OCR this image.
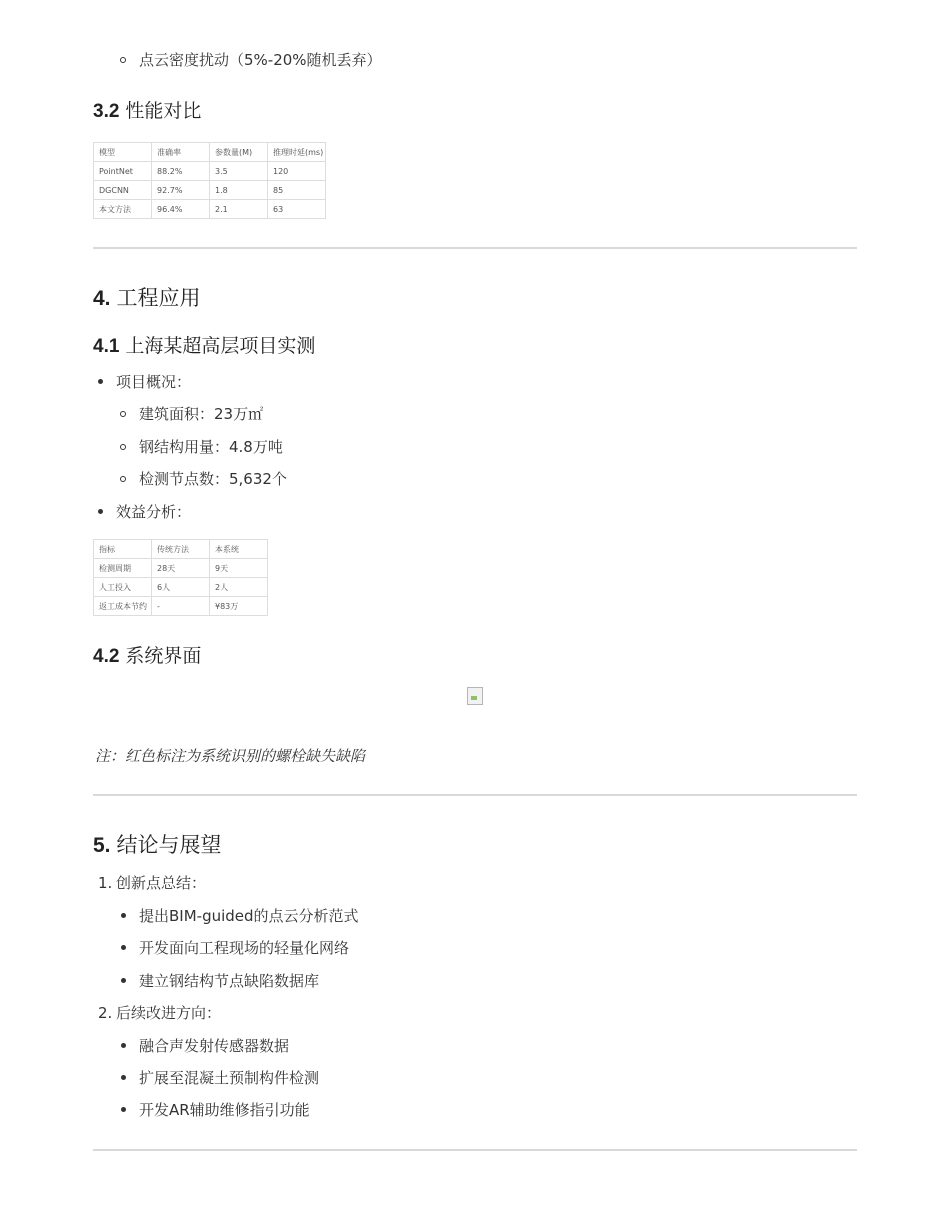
点云密度扰动（5%-20%随机丢弃）
3.2 性能对比
模型	准确率	参数量(M)	推理时延(ms)
PointNet	88.2%	3.5	120
DGCNN	92.7%	1.8	85
本文方法	96.4%	2.1	63
4. 工程应用
4.1 上海某超高层项目实测
项目概况：
建筑面积：23万㎡
钢结构用量：4.8万吨
检测节点数：5,632个
效益分析：
指标	传统方法	本系统
检测周期	28天	9天
人工投入	6人	2人
返工成本节约	-	¥83万
4.2 系统界面
注：红色标注为系统识别的螺栓缺失缺陷
5. 结论与展望
1. 创新点总结：
提出BIM-guided的点云分析范式
开发面向工程现场的轻量化网络
建立钢结构节点缺陷数据库
2. 后续改进方向：
融合声发射传感器数据
扩展至混凝土预制构件检测
开发AR辅助维修指引功能
